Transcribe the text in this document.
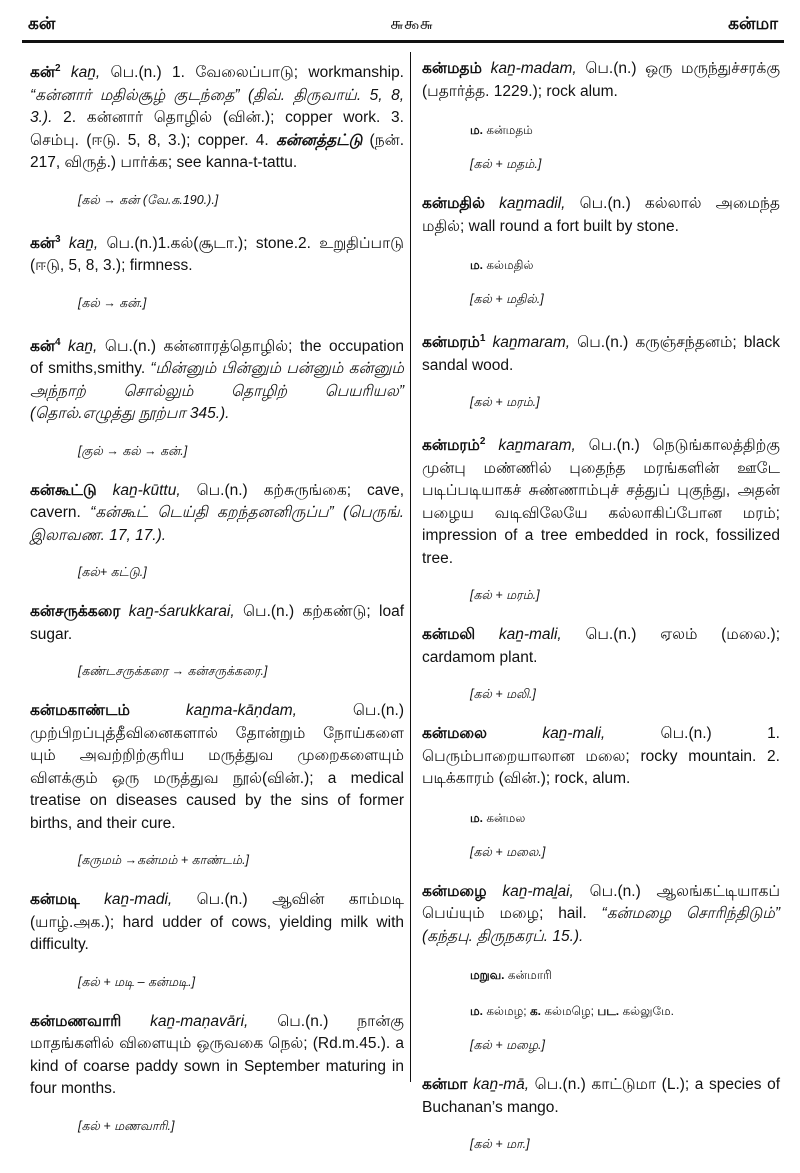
கன்	௬௯௬	கன்மா

கன்$^2$ kaṉ, பெ.(n.) 1. வேலைப்பாடு; workmanship. “கன்னார் மதில்சூழ் குடந்தை” (திவ். திருவாய். 5, 8, 3.). 2. கன்னார் தொழில் (வின்.); copper work. 3. செம்பு. (ஈடு. 5, 8, 3.); copper. 4. கன்னத்தட்டு (நன். 217, விருத்.) பார்க்க; see kanna-t-tattu.

[கல் → கன் (வே.க.190.).]

கன்$^3$ kaṉ, பெ.(n.)1.கல்(சூடா.); stone.2. உறுதிப்பாடு (ஈடு, 5, 8, 3.); firmness.

[கல் → கன்.]

கன்$^4$ kaṉ, பெ.(n.) கன்னாரத்தொழில்; the occupation of smiths,smithy. “மின்னும் பின்னும் பன்னும் கன்னும் அந்நாற் சொல்லும் தொழிற் பெயரியல” (தொல்.எழுத்து நூற்பா 345.).

[குல் → கல் → கன்.]

கன்கூட்டு kaṉ-kūttu, பெ.(n.) கற்சுருங்கை; cave, cavern. “கன்கூட் டெய்தி கறந்தனனிருப்ப” (பெருங். இலாவண. 17, 17.).

[கல்+ கட்டு.]

கன்சருக்கரை kaṉ-śarukkarai, பெ.(n.) கற்கண்டு; loaf sugar.

[கண்டசருக்கரை → கன்சருக்கரை.]

கன்மகாண்டம்	kaṉma-kāṇdam, பெ.(n.) முற்பிறப்புத்தீவினைகளால் தோன்றும் நோய்களை யும் அவற்றிற்குரிய மருத்துவ முறைகளையும் விளக்கும் ஒரு மருத்துவ நூல்(வின்.); a medical treatise on diseases caused by the sins of former births, and their cure.

[கருமம் →கன்மம் + காண்டம்.]

கன்மடி kaṉ-madi, பெ.(n.) ஆவின் காம்மடி (யாழ்.அக.); hard udder of cows, yielding milk with difficulty.

[கல் + மடி – கன்மடி.]

கன்மணவாரி kaṉ-maṇavāri, பெ.(n.) நான்கு மாதங்களில் விளையும் ஒருவகை நெல்; (Rd.m.45.). a kind of coarse paddy sown in September maturing in four months.

[கல் + மணவாரி.]

கன்மதம் kaṉ-madam, பெ.(n.) ஒரு மருந்துச்சரக்கு (பதார்த்த. 1229.); rock alum.

ம. கன்மதம்
[கல் + மதம்.]

கன்மதில் kaṉmadil, பெ.(n.) கல்லால் அமைந்த மதில்; wall round a fort built by stone.

ம. கல்மதில்
[கல் + மதில்.]

கன்மரம்$^1$ kaṉmaram, பெ.(n.) கருஞ்சந்தனம்; black sandal wood.

[கல் + மரம்.]

கன்மரம்$^2$ kaṉmaram, பெ.(n.) நெடுங்காலத்திற்கு முன்பு மண்ணில் புதைந்த மரங்களின் ஊடே படிப்படியாகச் சுண்ணாம்புச் சத்துப் புகுந்து, அதன் பழைய வடிவிலேயே கல்லாகிப்போன மரம்; impression of a tree embedded in rock, fossilized tree.

[கல் + மரம்.]

கன்மலி kaṉ-mali, பெ.(n.) ஏலம் (மலை.); cardamom plant.

[கல் + மலி.]

கன்மலை	kaṉ-mali, பெ.(n.) 1. பெரும்பாறையாலான மலை; rocky mountain. 2. படிக்காரம் (வின்.); rock, alum.

ம. கன்மல
[கல் + மலை.]

கன்மழை kaṉ-maḻai, பெ.(n.) ஆலங்கட்டியாகப் பெய்யும் மழை; hail. “கன்மழை சொரிந்திடும்” (கந்தபு. திருநகரப். 15.).

மறுவ. கன்மாரி
ம. கல்மழ; க. கல்மழெ; பட. கல்லுமே.
[கல் + மழை.]

கன்மா kaṉ-mā, பெ.(n.) காட்டுமா (L.); a species of Buchanan’s mango.

[கல் + மா.]
